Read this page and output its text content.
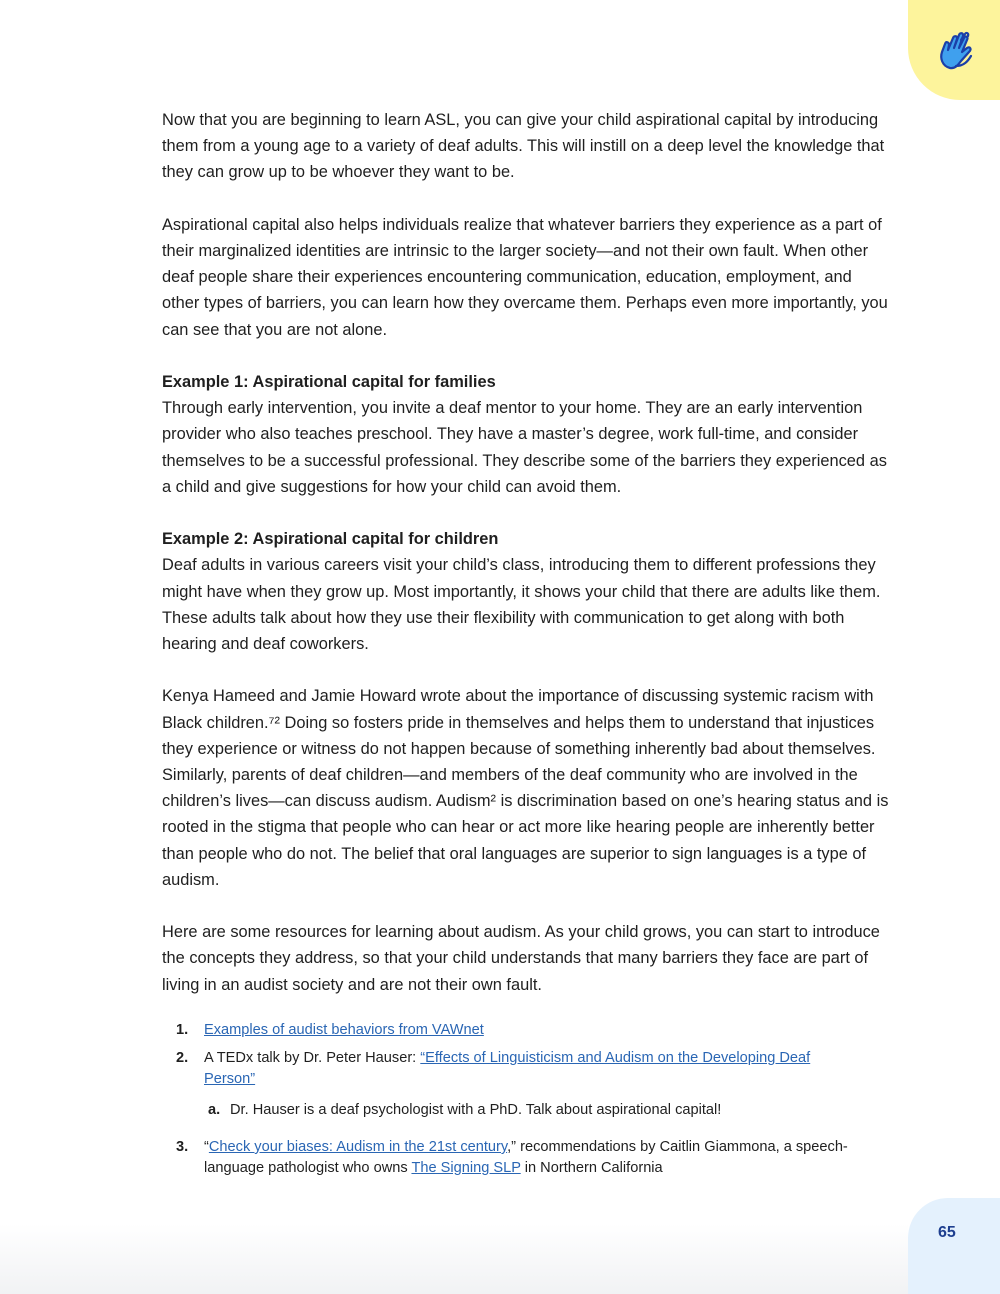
Now that you are beginning to learn ASL, you can give your child aspirational capital by introducing them from a young age to a variety of deaf adults. This will instill on a deep level the knowledge that they can grow up to be whoever they want to be.

Aspirational capital also helps individuals realize that whatever barriers they experience as a part of their marginalized identities are intrinsic to the larger society—and not their own fault. When other deaf people share their experiences encountering communication, education, employment, and other types of barriers, you can learn how they overcame them. Perhaps even more importantly, you can see that you are not alone.

Example 1: Aspirational capital for families
Through early intervention, you invite a deaf mentor to your home. They are an early intervention provider who also teaches preschool. They have a master’s degree, work full-time, and consider themselves to be a successful professional. They describe some of the barriers they experienced as a child and give suggestions for how your child can avoid them.

Example 2: Aspirational capital for children
Deaf adults in various careers visit your child’s class, introducing them to different professions they might have when they grow up. Most importantly, it shows your child that there are adults like them. These adults talk about how they use their flexibility with communication to get along with both hearing and deaf coworkers.

Kenya Hameed and Jamie Howard wrote about the importance of discussing systemic racism with Black children.⁷² Doing so fosters pride in themselves and helps them to understand that injustices they experience or witness do not happen because of something inherently bad about themselves. Similarly, parents of deaf children—and members of the deaf community who are involved in the children’s lives—can discuss audism. Audism² is discrimination based on one’s hearing status and is rooted in the stigma that people who can hear or act more like hearing people are inherently better than people who do not. The belief that oral languages are superior to sign languages is a type of audism.

Here are some resources for learning about audism. As your child grows, you can start to introduce the concepts they address, so that your child understands that many barriers they face are part of living in an audist society and are not their own fault.

1. Examples of audist behaviors from VAWnet
2. A TEDx talk by Dr. Peter Hauser: “Effects of Linguisticism and Audism on the Developing Deaf Person”
a. Dr. Hauser is a deaf psychologist with a PhD. Talk about aspirational capital!
3. “Check your biases: Audism in the 21st century,” recommendations by Caitlin Giammona, a speech-language pathologist who owns The Signing SLP in Northern California
65
